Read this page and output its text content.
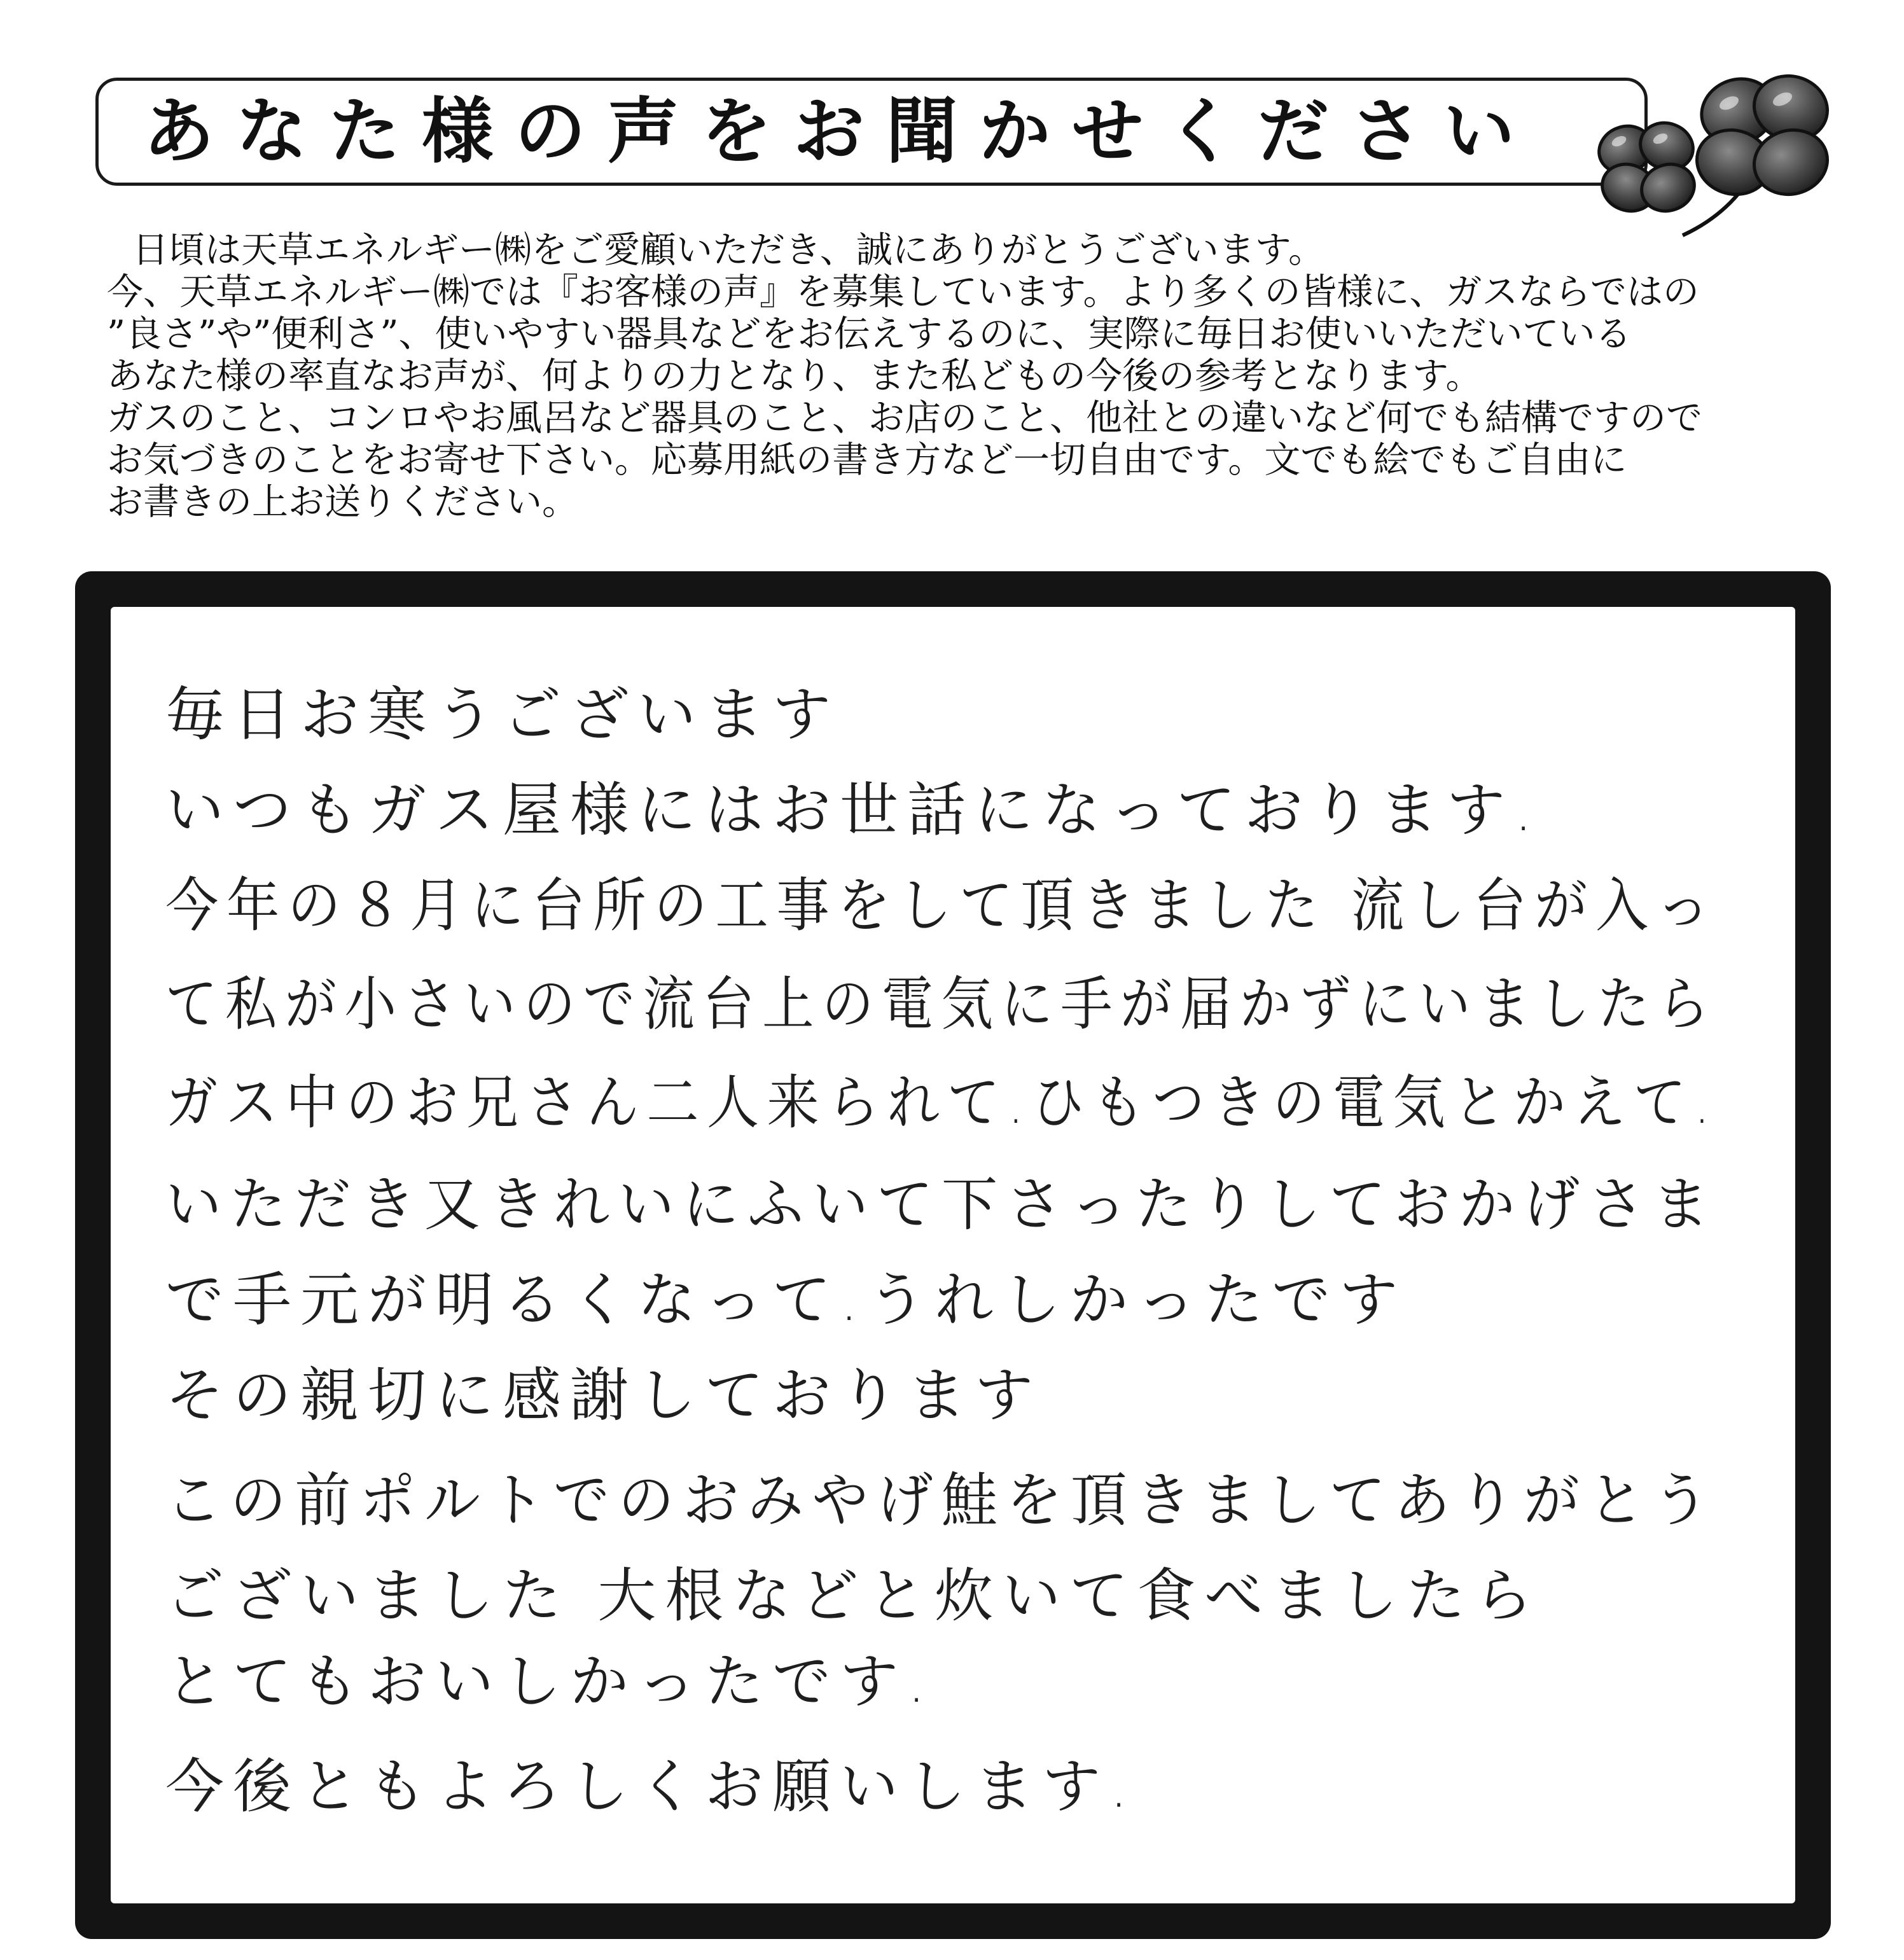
あなた様の声をお聞かせください

日頃は天草エネルギー㈱をご愛顧いただき、誠にありがとうございます。

今、天草エネルギー㈱では『お客様の声』を募集しています。より多くの皆様に、ガスならではの

”良さ”や”便利さ”、使いやすい器具などをお伝えするのに、実際に毎日お使いいただいている

あなた様の率直なお声が、何よりの力となり、また私どもの今後の参考となります。

ガスのこと、コンロやお風呂など器具のこと、お店のこと、他社との違いなど何でも結構ですので

お気づきのことをお寄せ下さい。応募用紙の書き方など一切自由です。文でも絵でもご自由に

お書きの上お送りください。

毎日お寒うございます
いつもガス屋様にはお世話になっております.
今年の８月に台所の工事をして頂きました 流し台が入っ
て私が小さいので流台上の電気に手が届かずにいましたら
ガス中のお兄さん二人来られて.ひもつきの電気とかえて.
いただき又きれいにふいて下さったりしておかげさま
で手元が明るくなって.うれしかったです
その親切に感謝しております
この前ポルトでのおみやげ鮭を頂きましてありがとう
ございました 大根などと炊いて食べましたら
とてもおいしかったです.
今後ともよろしくお願いします.
